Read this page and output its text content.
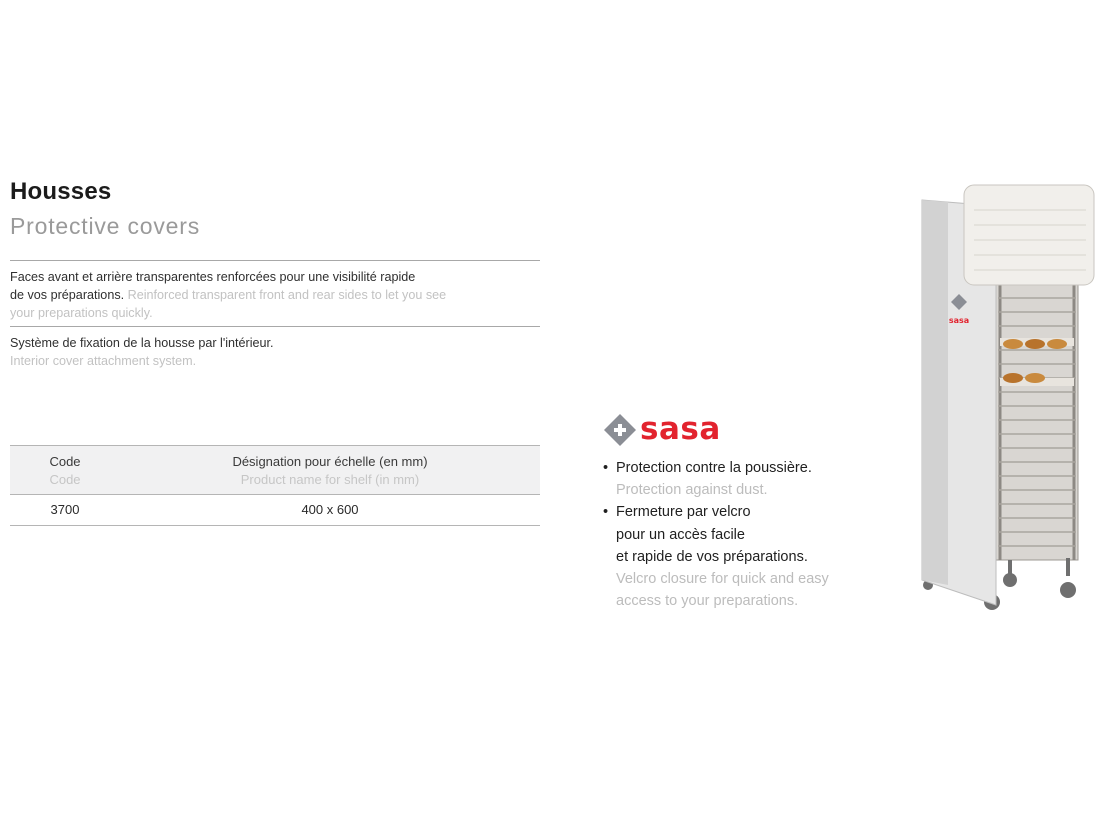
Housses
Protective covers
Faces avant et arrière transparentes renforcées pour une visibilité rapide
de vos préparations. Reinforced transparent front and rear sides to let you see
your preparations quickly.
Système de fixation de la housse par l'intérieur.
Interior cover attachment system.
Code
Code
Désignation pour échelle (en mm)
Product name for shelf (in mm)
3700	400 x 600
sasa
• Protection contre la poussière.
Protection against dust.
• Fermeture par velcro
pour un accès facile
et rapide de vos préparations.
Velcro closure for quick and easy
access to your preparations.
sasa
